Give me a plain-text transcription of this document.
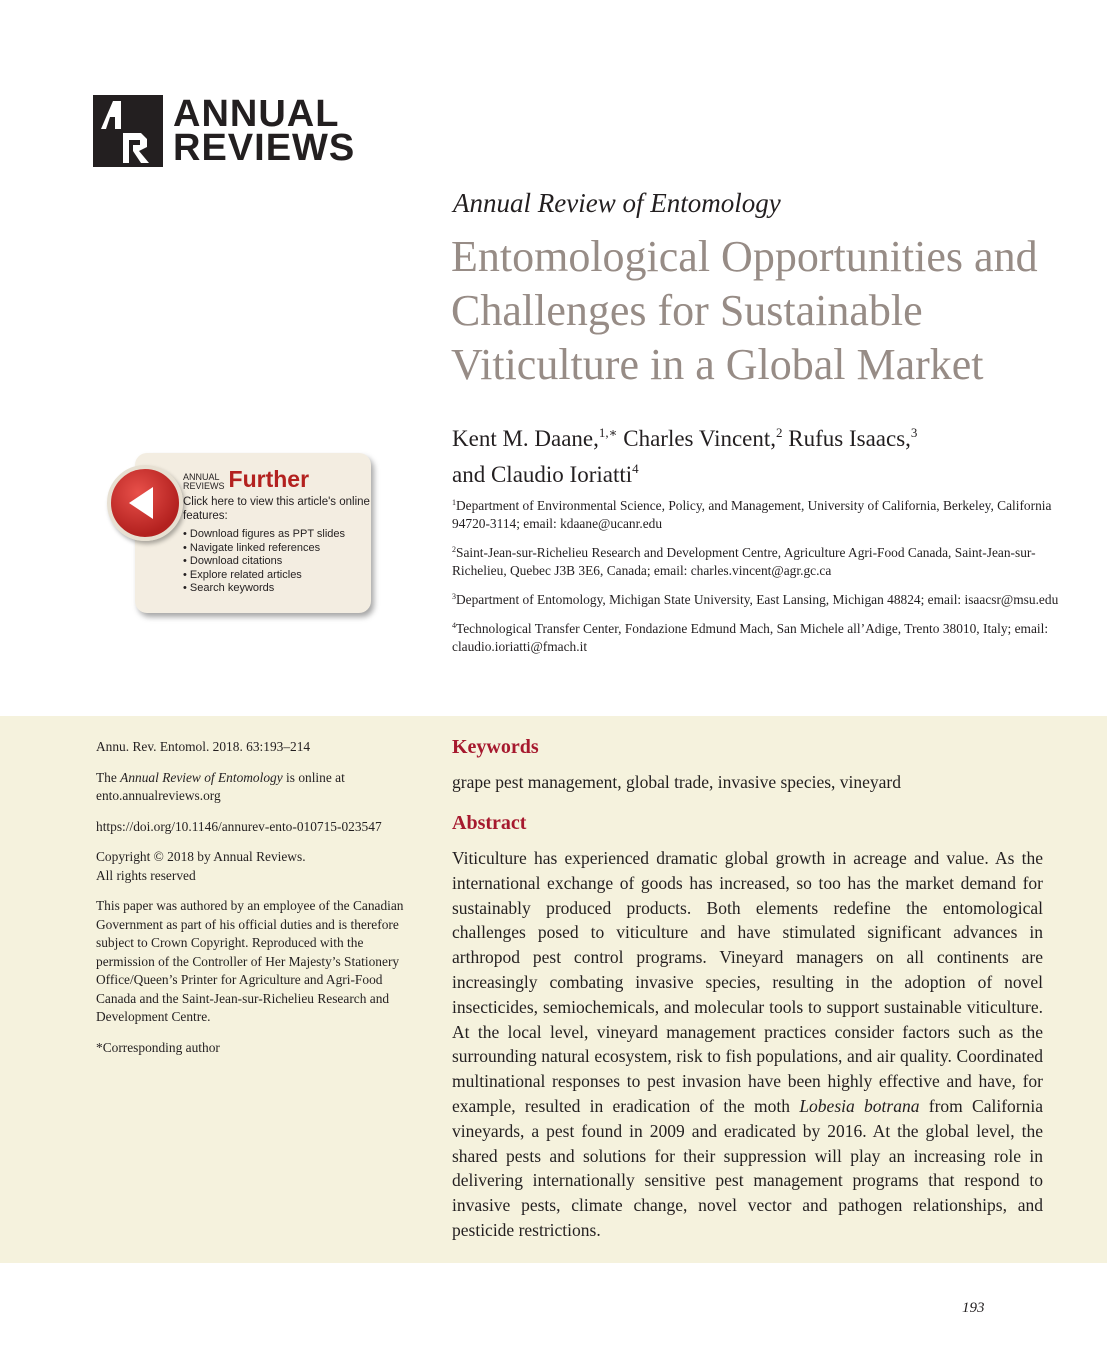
ANNUAL
REVIEWS
Annual Review of Entomology
Entomological Opportunities and Challenges for Sustainable Viticulture in a Global Market
Kent M. Daane,$^{1,∗}$ Charles Vincent,$^2$ Rufus Isaacs,$^3$
and Claudio Ioriatti$^4$
$^1$Department of Environmental Science, Policy, and Management, University of California, Berkeley, California 94720-3114; email: kdaane@ucanr.edu
$^2$Saint-Jean-sur-Richelieu Research and Development Centre, Agriculture Agri-Food Canada, Saint-Jean-sur-Richelieu, Quebec J3B 3E6, Canada; email: charles.vincent@agr.gc.ca
$^3$Department of Entomology, Michigan State University, East Lansing, Michigan 48824; email: isaacsr@msu.edu
$^4$Technological Transfer Center, Fondazione Edmund Mach, San Michele all’Adige, Trento 38010, Italy; email: claudio.ioriatti@fmach.it
ANNUAL
REVIEWS Further
Click here to view this article's online features:
• Download figures as PPT slides
• Navigate linked references
• Download citations
• Explore related articles
• Search keywords

Annu. Rev. Entomol. 2018. 63:193–214

The Annual Review of Entomology is online at ento.annualreviews.org

https://doi.org/10.1146/annurev-ento-010715-023547

Copyright © 2018 by Annual Reviews.
All rights reserved

This paper was authored by an employee of the Canadian Government as part of his official duties and is therefore subject to Crown Copyright. Reproduced with the permission of the Controller of Her Majesty’s Stationery Office/Queen’s Printer for Agriculture and Agri-Food Canada and the Saint-Jean-sur-Richelieu Research and Development Centre.

*Corresponding author

Keywords
grape pest management, global trade, invasive species, vineyard
Abstract
Viticulture has experienced dramatic global growth in acreage and value. As the international exchange of goods has increased, so too has the market demand for sustainably produced products. Both elements redefine the entomological challenges posed to viticulture and have stimulated significant advances in arthropod pest control programs. Vineyard managers on all continents are increasingly combating invasive species, resulting in the adoption of novel insecticides, semiochemicals, and molecular tools to support sustainable viticulture. At the local level, vineyard management practices consider factors such as the surrounding natural ecosystem, risk to fish populations, and air quality. Coordinated multinational responses to pest invasion have been highly effective and have, for example, resulted in eradication of the moth Lobesia botrana from California vineyards, a pest found in 2009 and eradicated by 2016. At the global level, the shared pests and solutions for their suppression will play an increasing role in delivering internationally sensitive pest management programs that respond to invasive pests, climate change, novel vector and pathogen relationships, and pesticide restrictions.
193
